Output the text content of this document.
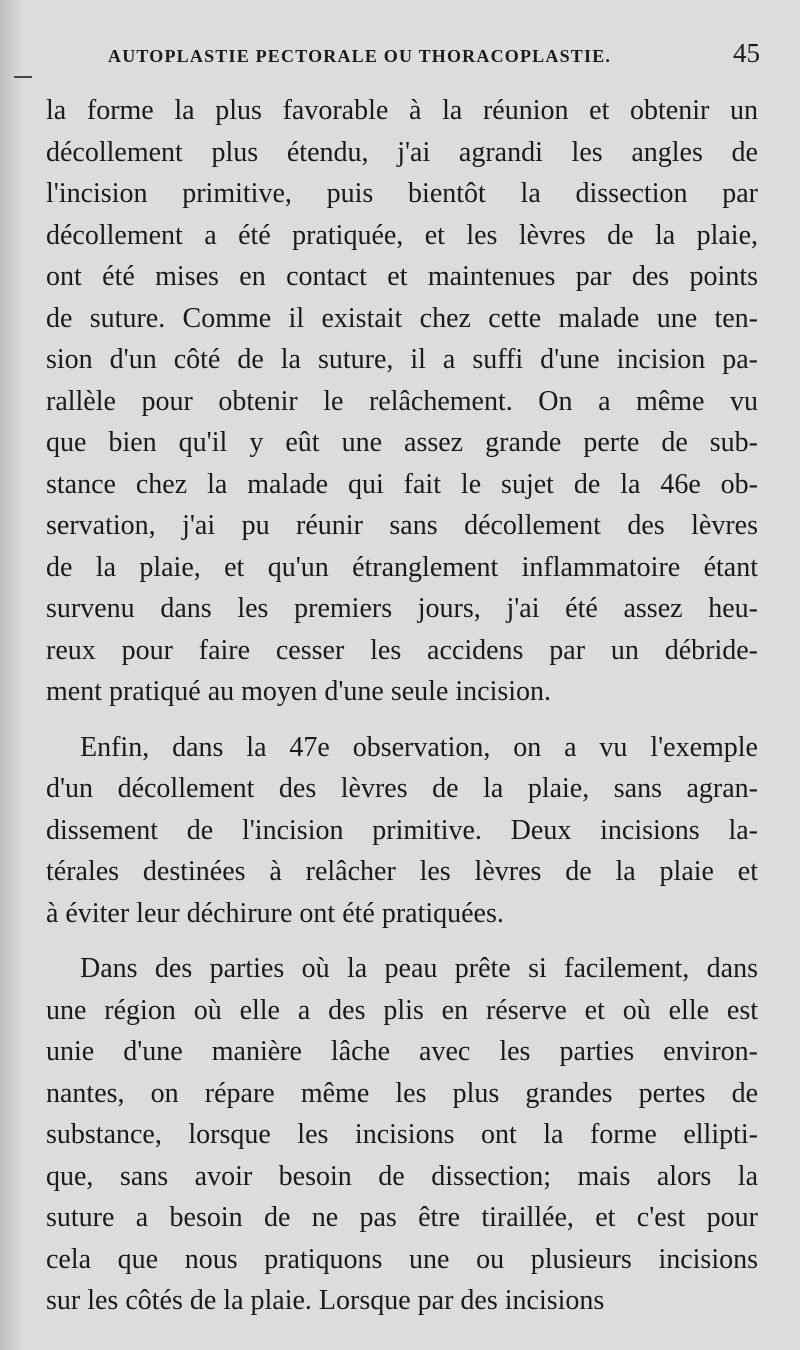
AUTOPLASTIE PECTORALE OU THORACOPLASTIE.	45
la forme la plus favorable à la réunion et obtenir un
décollement plus étendu, j'ai agrandi les angles de
l'incision primitive, puis bientôt la dissection par
décollement a été pratiquée, et les lèvres de la plaie,
ont été mises en contact et maintenues par des points
de suture. Comme il existait chez cette malade une ten-
sion d'un côté de la suture, il a suffi d'une incision pa-
rallèle pour obtenir le relâchement. On a même vu
que bien qu'il y eût une assez grande perte de sub-
stance chez la malade qui fait le sujet de la 46e ob-
servation, j'ai pu réunir sans décollement des lèvres
de la plaie, et qu'un étranglement inflammatoire étant
survenu dans les premiers jours, j'ai été assez heu-
reux pour faire cesser les accidens par un débride-
ment pratiqué au moyen d'une seule incision.
Enfin, dans la 47e observation, on a vu l'exemple
d'un décollement des lèvres de la plaie, sans agran-
dissement de l'incision primitive. Deux incisions la-
térales destinées à relâcher les lèvres de la plaie et
à éviter leur déchirure ont été pratiquées.
Dans des parties où la peau prête si facilement, dans
une région où elle a des plis en réserve et où elle est
unie d'une manière lâche avec les parties environ-
nantes, on répare même les plus grandes pertes de
substance, lorsque les incisions ont la forme ellipti-
que, sans avoir besoin de dissection; mais alors la
suture a besoin de ne pas être tiraillée, et c'est pour
cela que nous pratiquons une ou plusieurs incisions
sur les côtés de la plaie. Lorsque par des incisions
